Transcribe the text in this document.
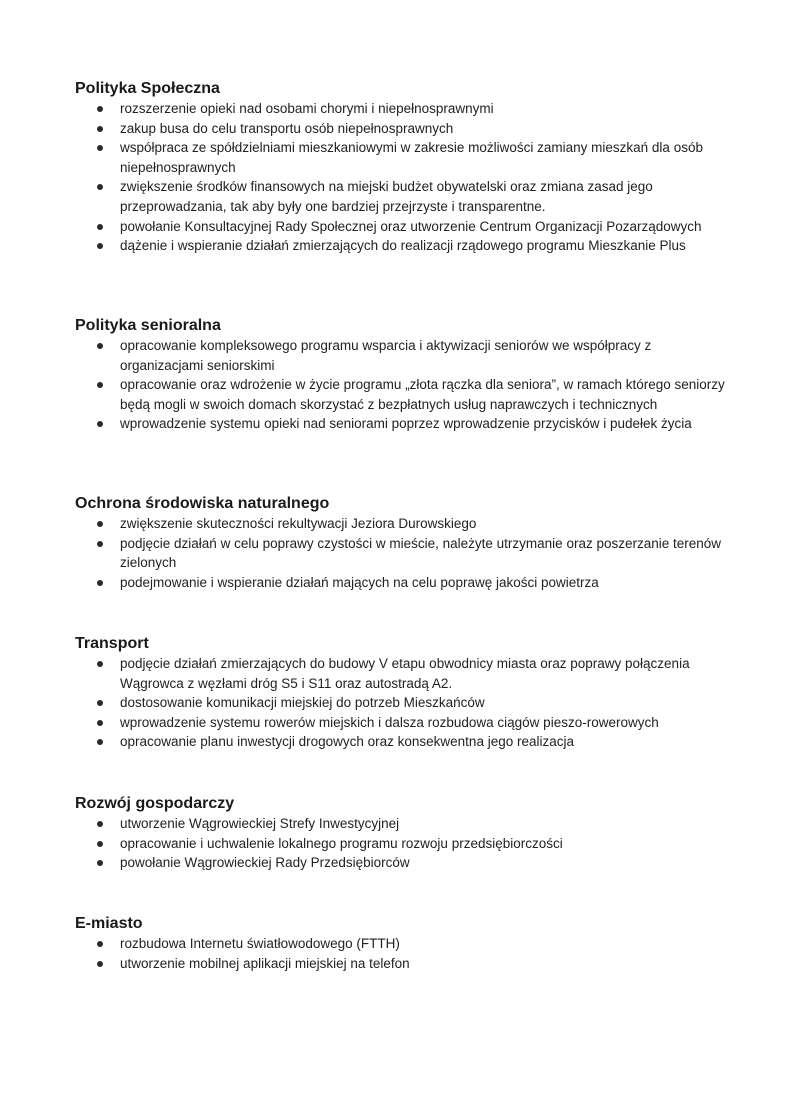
Polityka Społeczna
rozszerzenie opieki nad osobami chorymi i niepełnosprawnymi
zakup busa do celu transportu osób niepełnosprawnych
współpraca ze spółdzielniami mieszkaniowymi w zakresie możliwości zamiany mieszkań dla osób niepełnosprawnych
zwiększenie środków finansowych na miejski budżet obywatelski oraz zmiana zasad jego przeprowadzania, tak aby były one bardziej przejrzyste i transparentne.
powołanie Konsultacyjnej Rady Społecznej oraz utworzenie Centrum Organizacji Pozarządowych
dążenie i wspieranie działań zmierzających do realizacji rządowego programu Mieszkanie Plus
Polityka senioralna
opracowanie kompleksowego programu wsparcia i aktywizacji seniorów we współpracy z organizacjami seniorskimi
opracowanie oraz wdrożenie w życie programu „złota rączka dla seniora”, w ramach którego seniorzy będą mogli w swoich domach skorzystać z bezpłatnych usług naprawczych i technicznych
wprowadzenie systemu opieki nad seniorami poprzez wprowadzenie przycisków i pudełek życia
Ochrona środowiska naturalnego
zwiększenie skuteczności rekultywacji Jeziora Durowskiego
podjęcie działań w celu poprawy czystości w mieście, należyte utrzymanie oraz poszerzanie terenów zielonych
podejmowanie i wspieranie działań mających na celu poprawę jakości powietrza
Transport
podjęcie działań zmierzających do budowy V etapu obwodnicy miasta oraz poprawy połączenia Wągrowca z węzłami dróg S5 i S11 oraz autostradą A2.
dostosowanie komunikacji miejskiej do potrzeb Mieszkańców
wprowadzenie systemu rowerów miejskich i dalsza rozbudowa ciągów pieszo-rowerowych
opracowanie planu inwestycji drogowych oraz konsekwentna jego realizacja
Rozwój gospodarczy
utworzenie Wągrowieckiej Strefy Inwestycyjnej
opracowanie i uchwalenie lokalnego programu rozwoju przedsiębiorczości
powołanie Wągrowieckiej Rady Przedsiębiorców
E-miasto
rozbudowa Internetu światłowodowego (FTTH)
utworzenie mobilnej aplikacji miejskiej na telefon
